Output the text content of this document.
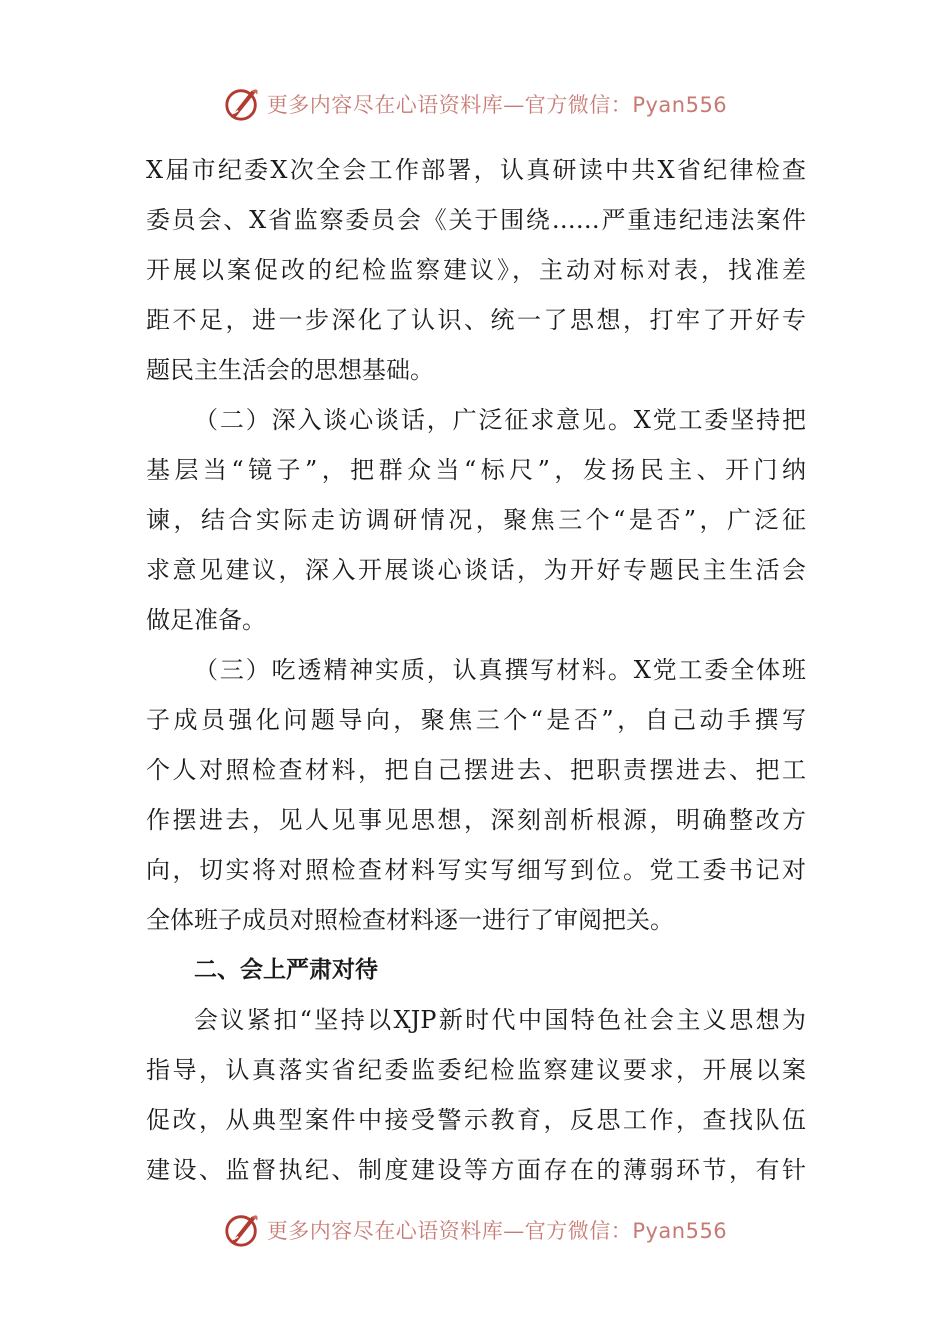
更多内容尽在心语资料库—官方微信：Pyan556
X届市纪委X次全会工作部署，认真研读中共X省纪律检查
委员会、X省监察委员会《关于围绕……严重违纪违法案件
开展以案促改的纪检监察建议》，主动对标对表，找准差
距不足，进一步深化了认识、统一了思想，打牢了开好专
题民主生活会的思想基础。
（二）深入谈心谈话，广泛征求意见。X党工委坚持把
基层当“镜子”，把群众当“标尺”，发扬民主、开门纳
谏，结合实际走访调研情况，聚焦三个“是否”，广泛征
求意见建议，深入开展谈心谈话，为开好专题民主生活会
做足准备。
（三）吃透精神实质，认真撰写材料。X党工委全体班
子成员强化问题导向，聚焦三个“是否”，自己动手撰写
个人对照检查材料，把自己摆进去、把职责摆进去、把工
作摆进去，见人见事见思想，深刻剖析根源，明确整改方
向，切实将对照检查材料写实写细写到位。党工委书记对
全体班子成员对照检查材料逐一进行了审阅把关。
二、会上严肃对待
会议紧扣“坚持以XJP新时代中国特色社会主义思想为
指导，认真落实省纪委监委纪检监察建议要求，开展以案
促改，从典型案件中接受警示教育，反思工作，查找队伍
建设、监督执纪、制度建设等方面存在的薄弱环节，有针
更多内容尽在心语资料库—官方微信：Pyan556
